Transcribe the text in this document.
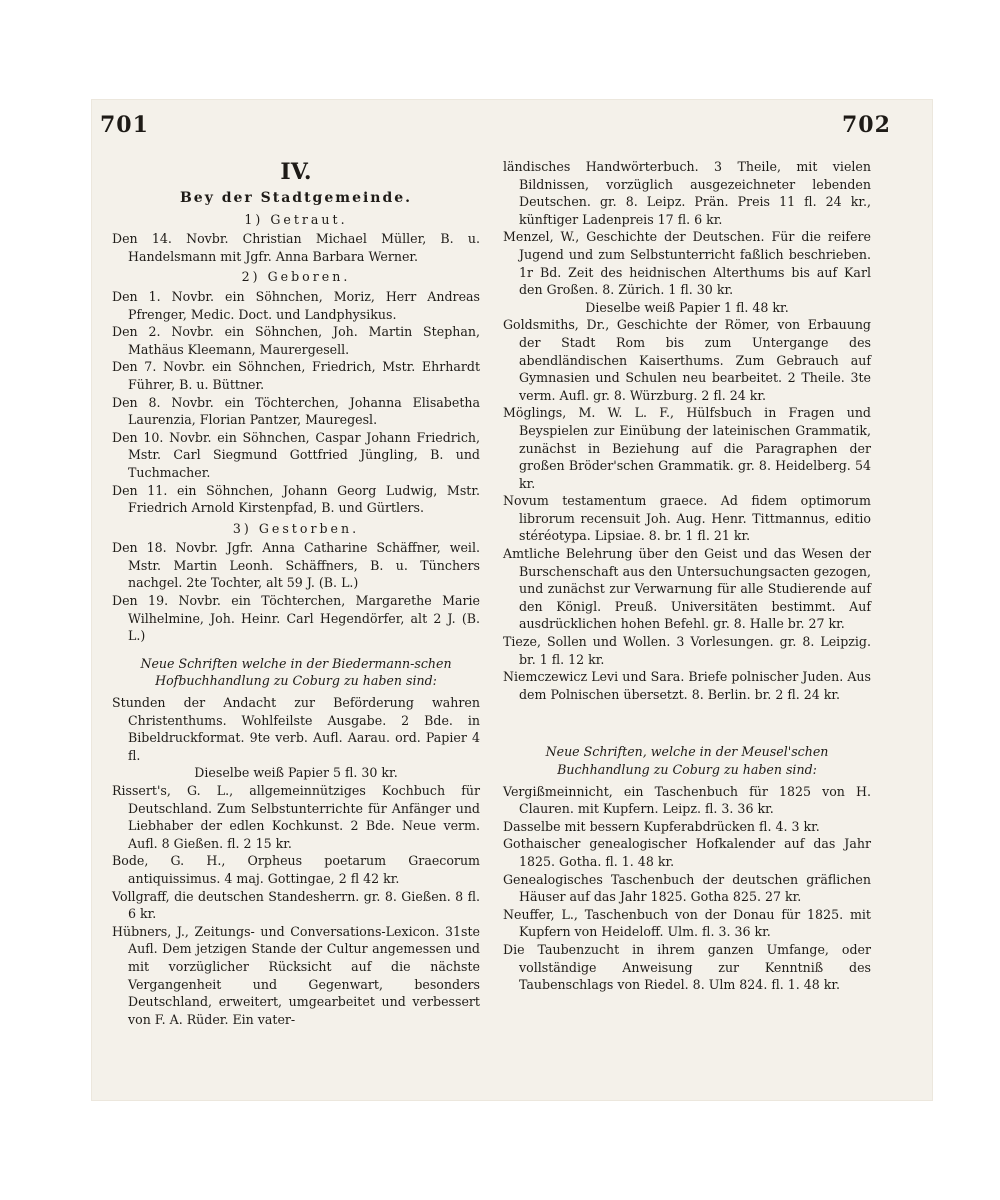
701	702
IV.
Bey der Stadtgemeinde.
1) Getraut.

Den 14. Novbr. Christian Michael Müller, B. u. Handelsmann mit Jgfr. Anna Barbara Werner.

2) Geboren.

Den 1. Novbr. ein Söhnchen, Moriz, Herr Andreas Pfrenger, Medic. Doct. und Landphysikus.

Den 2. Novbr. ein Söhnchen, Joh. Martin Stephan, Mathäus Kleemann, Maurergesell.

Den 7. Novbr. ein Söhnchen, Friedrich, Mstr. Ehrhardt Führer, B. u. Büttner.

Den 8. Novbr. ein Töchterchen, Johanna Elisabetha Laurenzia, Florian Pantzer, Mauregesl.

Den 10. Novbr. ein Söhnchen, Caspar Johann Friedrich, Mstr. Carl Siegmund Gottfried Jüngling, B. und Tuchmacher.

Den 11. ein Söhnchen, Johann Georg Ludwig, Mstr. Friedrich Arnold Kirstenpfad, B. und Gürtlers.

3) Gestorben.

Den 18. Novbr. Jgfr. Anna Catharine Schäffner, weil. Mstr. Martin Leonh. Schäffners, B. u. Tünchers nachgel. 2te Tochter, alt 59 J. (B. L.)

Den 19. Novbr. ein Töchterchen, Margarethe Marie Wilhelmine, Joh. Heinr. Carl Hegendörfer, alt 2 J. (B. L.)

Neue Schriften welche in der Biedermann-schen Hofbuchhandlung zu Coburg zu haben sind:

Stunden der Andacht zur Beförderung wahren Christenthums. Wohlfeilste Ausgabe. 2 Bde. in Bibeldruckformat. 9te verb. Aufl. Aarau. ord. Papier 4 fl.

Dieselbe weiß Papier 5 fl. 30 kr.

Rissert's, G. L., allgemeinnütziges Kochbuch für Deutschland. Zum Selbstunterrichte für Anfänger und Liebhaber der edlen Kochkunst. 2 Bde. Neue verm. Aufl. 8 Gießen. fl. 2 15 kr.

Bode, G. H., Orpheus poetarum Graecorum antiquissimus. 4 maj. Gottingae, 2 fl 42 kr.

Vollgraff, die deutschen Standesherrn. gr. 8. Gießen. 8 fl. 6 kr.

Hübners, J., Zeitungs- und Conversations-Lexicon. 31ste Aufl. Dem jetzigen Stande der Cultur angemessen und mit vorzüglicher Rücksicht auf die nächste Vergangenheit und Gegenwart, besonders Deutschland, erweitert, umgearbeitet und verbessert von F. A. Rüder. Ein vater-

ländisches Handwörterbuch. 3 Theile, mit vielen Bildnissen, vorzüglich ausgezeichneter lebenden Deutschen. gr. 8. Leipz. Prän. Preis 11 fl. 24 kr., künftiger Ladenpreis 17 fl. 6 kr.

Menzel, W., Geschichte der Deutschen. Für die reifere Jugend und zum Selbstunterricht faßlich beschrieben. 1r Bd. Zeit des heidnischen Alterthums bis auf Karl den Großen. 8. Zürich. 1 fl. 30 kr.

Dieselbe weiß Papier 1 fl. 48 kr.

Goldsmiths, Dr., Geschichte der Römer, von Erbauung der Stadt Rom bis zum Untergange des abendländischen Kaiserthums. Zum Gebrauch auf Gymnasien und Schulen neu bearbeitet. 2 Theile. 3te verm. Aufl. gr. 8. Würzburg. 2 fl. 24 kr.

Möglings, M. W. L. F., Hülfsbuch in Fragen und Beyspielen zur Einübung der lateinischen Grammatik, zunächst in Beziehung auf die Paragraphen der großen Bröder'schen Grammatik. gr. 8. Heidelberg. 54 kr.

Novum testamentum graece. Ad fidem optimorum librorum recensuit Joh. Aug. Henr. Tittmannus, editio stéréotypa. Lipsiae. 8. br. 1 fl. 21 kr.

Amtliche Belehrung über den Geist und das Wesen der Burschenschaft aus den Untersuchungsacten gezogen, und zunächst zur Verwarnung für alle Studierende auf den Königl. Preuß. Universitäten bestimmt. Auf ausdrücklichen hohen Befehl. gr. 8. Halle br. 27 kr.

Tieze, Sollen und Wollen. 3 Vorlesungen. gr. 8. Leipzig. br. 1 fl. 12 kr.

Niemczewicz Levi und Sara. Briefe polnischer Juden. Aus dem Polnischen übersetzt. 8. Berlin. br. 2 fl. 24 kr.

Neue Schriften, welche in der Meusel'schen Buchhandlung zu Coburg zu haben sind:

Vergißmeinnicht, ein Taschenbuch für 1825 von H. Clauren. mit Kupfern. Leipz. fl. 3. 36 kr.

Dasselbe mit bessern Kupferabdrücken fl. 4. 3 kr.

Gothaischer genealogischer Hofkalender auf das Jahr 1825. Gotha. fl. 1. 48 kr.

Genealogisches Taschenbuch der deutschen gräflichen Häuser auf das Jahr 1825. Gotha 825. 27 kr.

Neuffer, L., Taschenbuch von der Donau für 1825. mit Kupfern von Heideloff. Ulm. fl. 3. 36 kr.

Die Taubenzucht in ihrem ganzen Umfange, oder vollständige Anweisung zur Kenntniß des Taubenschlags von Riedel. 8. Ulm 824. fl. 1. 48 kr.
